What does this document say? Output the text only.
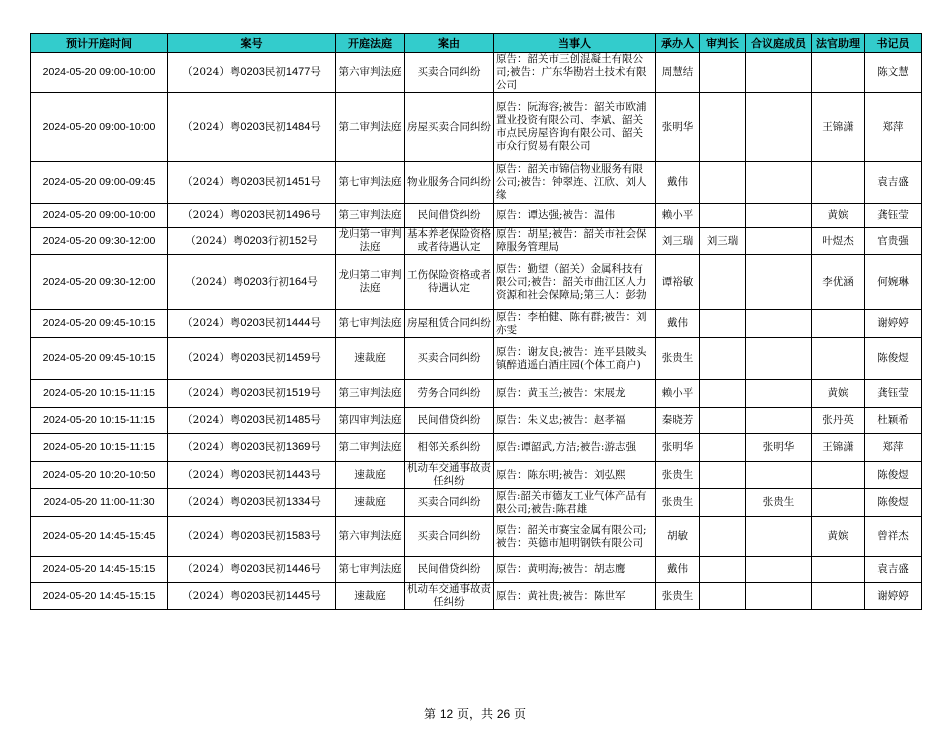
预计开庭时间	案号	开庭法庭	案由	当事人	承办人	审判长	合议庭成员	法官助理	书记员
2024-05-20 09:00-10:00	（2024）粤0203民初1477号	第六审判法庭	买卖合同纠纷	原告：韶关市三创混凝土有限公司;被告：广东华勘岩土技术有限公司	周慧结				陈文慧
2024-05-20 09:00-10:00	（2024）粤0203民初1484号	第二审判法庭	房屋买卖合同纠纷	原告：阮海容;被告：韶关市欧浦置业投资有限公司、李斌、韶关市点民房屋咨询有限公司、韶关市众行贸易有限公司	张明华			王锦潇	郑萍
2024-05-20 09:00-09:45	（2024）粤0203民初1451号	第七审判法庭	物业服务合同纠纷	原告：韶关市锦信物业服务有限公司;被告：钟翠连、江欣、刘人缘	戴伟				袁吉盛
2024-05-20 09:00-10:00	（2024）粤0203民初1496号	第三审判法庭	民间借贷纠纷	原告：谭达强;被告：温伟	赖小平			黄嫔	龚钰莹
2024-05-20 09:30-12:00	（2024）粤0203行初152号	龙归第一审判法庭	基本养老保险资格或者待遇认定	原告：胡星;被告：韶关市社会保障服务管理局	刘三瑞	刘三瑞		叶煜杰	官贵强
2024-05-20 09:30-12:00	（2024）粤0203行初164号	龙归第二审判法庭	工伤保险资格或者待遇认定	原告：勤望（韶关）金属科技有限公司;被告：韶关市曲江区人力资源和社会保障局;第三人：彭勃	谭裕敏			李优涵	何婉琳
2024-05-20 09:45-10:15	（2024）粤0203民初1444号	第七审判法庭	房屋租赁合同纠纷	原告：李柏健、陈有群;被告：刘亦雯	戴伟				谢婷婷
2024-05-20 09:45-10:15	（2024）粤0203民初1459号	速裁庭	买卖合同纠纷	原告：谢友良;被告：连平县陂头镇醉逍遥白酒庄园(个体工商户)	张贵生				陈俊煜
2024-05-20 10:15-11:15	（2024）粤0203民初1519号	第三审判法庭	劳务合同纠纷	原告：黄玉兰;被告：宋展龙	赖小平			黄嫔	龚钰莹
2024-05-20 10:15-11:15	（2024）粤0203民初1485号	第四审判法庭	民间借贷纠纷	原告：朱义忠;被告：赵孝福	秦晓芳			张丹英	杜颖希
2024-05-20 10:15-11:15	（2024）粤0203民初1369号	第二审判法庭	相邻关系纠纷	原告:谭韶武,方洁;被告:游志强	张明华		张明华	王锦潇	郑萍
2024-05-20 10:20-10:50	（2024）粤0203民初1443号	速裁庭	机动车交通事故责任纠纷	原告：陈东明;被告：刘弘熙	张贵生				陈俊煜
2024-05-20 11:00-11:30	（2024）粤0203民初1334号	速裁庭	买卖合同纠纷	原告:韶关市德友工业气体产品有限公司;被告:陈君雄	张贵生		张贵生		陈俊煜
2024-05-20 14:45-15:45	（2024）粤0203民初1583号	第六审判法庭	买卖合同纠纷	原告：韶关市赛宝金属有限公司;被告：英德市旭明钢铁有限公司	胡敏			黄嫔	曾祥杰
2024-05-20 14:45-15:15	（2024）粤0203民初1446号	第七审判法庭	民间借贷纠纷	原告：黄明海;被告：胡志鹰	戴伟				袁吉盛
2024-05-20 14:45-15:15	（2024）粤0203民初1445号	速裁庭	机动车交通事故责任纠纷	原告：黄社贵;被告：陈世军	张贵生				谢婷婷
第 12 页，共 26 页
